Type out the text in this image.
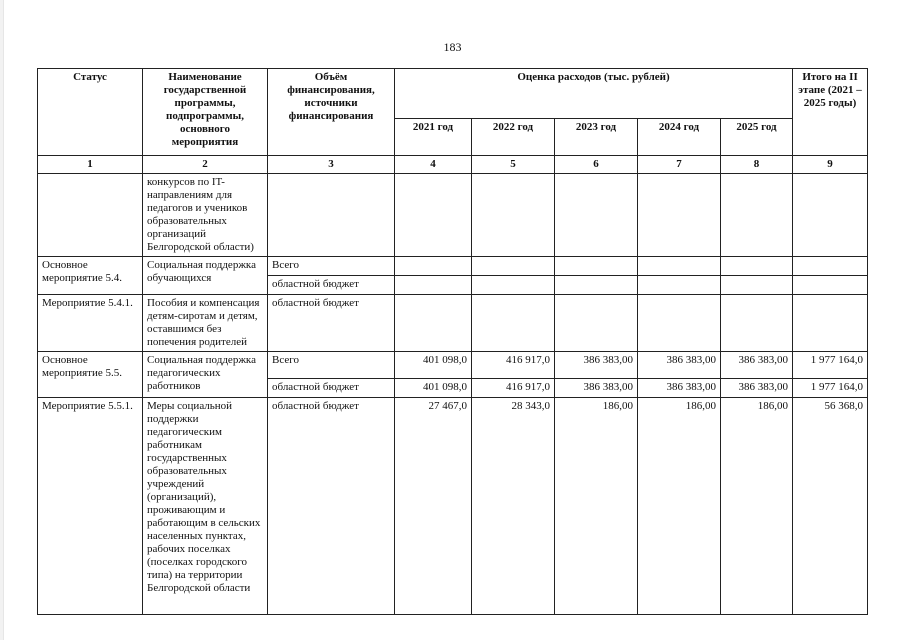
183
Статус	Наименование государственной программы, подпрограммы, основного мероприятия	Объём финансирования, источники финансирования	Оценка расходов (тыс. рублей)					Итого на II этапе (2021 – 2025 годы)
			2021 год	2022 год	2023 год	2024 год	2025 год	
1	2	3	4	5	6	7	8	9
	конкурсов по IT-направлениям для педагогов и учеников образовательных организаций Белгородской области)							
Основное мероприятие 5.4.	Социальная поддержка обучающихся	Всего						
		областной бюджет						
Мероприятие 5.4.1.	Пособия и компенсация детям-сиротам и детям, оставшимся без попечения родителей	областной бюджет						
Основное мероприятие 5.5.	Социальная поддержка педагогических работников	Всего	401 098,0	416 917,0	386 383,00	386 383,00	386 383,00	1 977 164,0
		областной бюджет	401 098,0	416 917,0	386 383,00	386 383,00	386 383,00	1 977 164,0
Мероприятие 5.5.1.	Меры социальной поддержки педагогическим работникам государственных образовательных учреждений (организаций), проживающим и работающим в сельских населенных пунктах, рабочих поселках (поселках городского типа) на территории Белгородской области	областной бюджет	27 467,0	28 343,0	186,00	186,00	186,00	56 368,0
